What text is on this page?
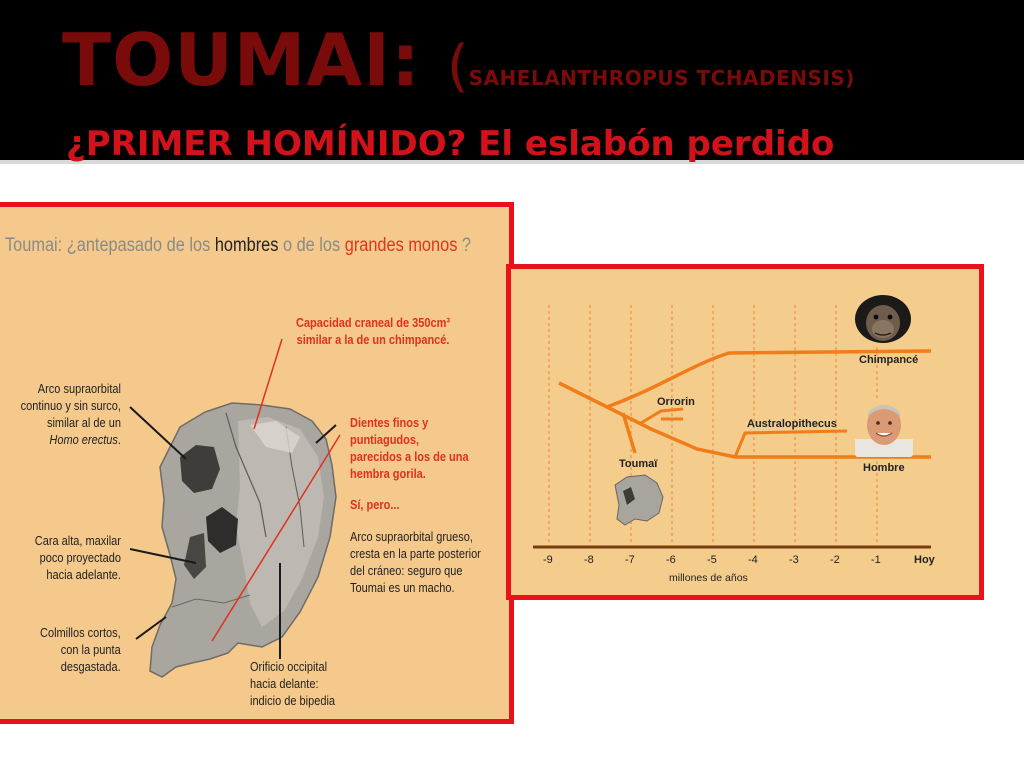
TOUMAI: (SAHELANTHROPUS TCHADENSIS)
¿PRIMER HOMÍNIDO? El eslabón perdido
Toumai: ¿antepasado de los hombres o de los grandes monos ?
Arco supraorbital
continuo y sin surco,
similar al de un
Homo erectus.
Cara alta, maxilar
poco proyectado
hacia adelante.
Colmillos cortos,
con la punta
desgastada.
Capacidad craneal de 350cm³
similar a la de un chimpancé.
Dientes finos y puntiagudos,
parecidos a los de una
hembra gorila.
Sí, pero...
Arco supraorbital grueso,
cresta en la parte posterior
del cráneo: seguro que
Toumai es un macho.
Orificio occipital
hacia delante:
indicio de bipedia
Chimpancé
Orrorin
Australopithecus
Toumaï	Hombre
-9	-8	-7	-6	-5	-4	-3	-2	-1	Hoy
millones de años
